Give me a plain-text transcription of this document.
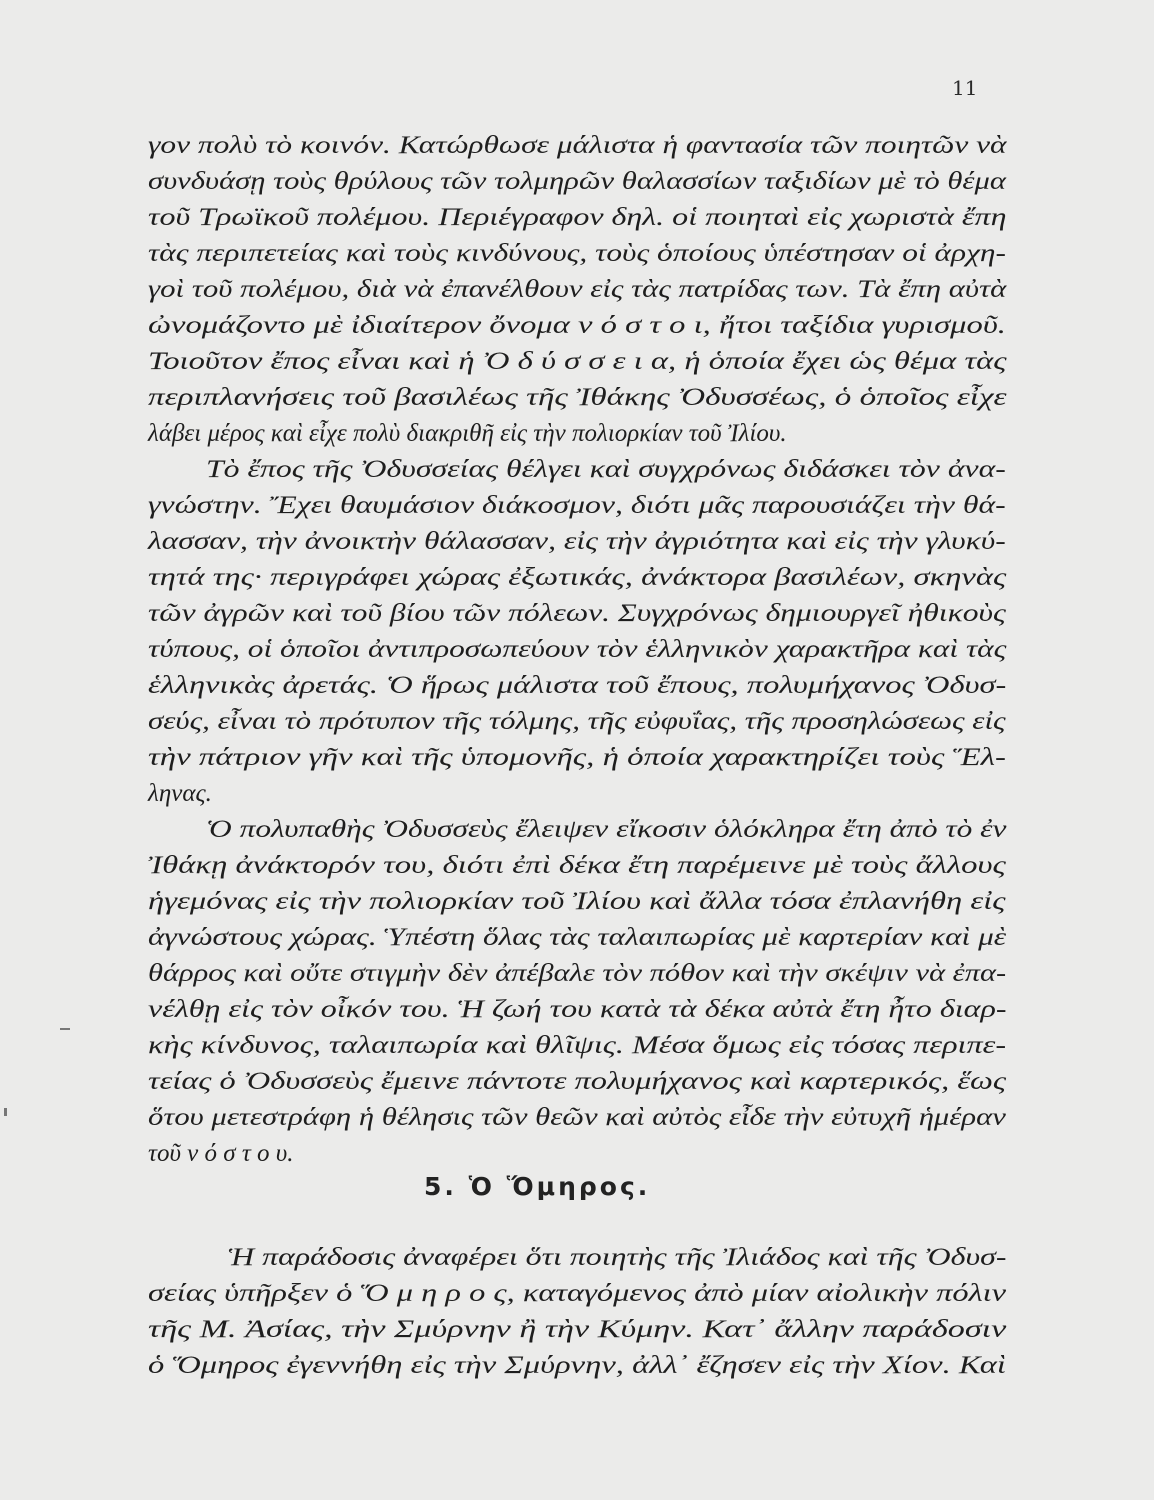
11
γον πολὺ τὸ κοινόν. Κατώρθωσε μάλιστα ἡ φαντασία τῶν ποιητῶν νὰ
συνδυάσῃ τοὺς θρύλους τῶν τολμηρῶν θαλασσίων ταξιδίων μὲ τὸ θέμα
τοῦ Τρωϊκοῦ πολέμου. Περιέγραφον δηλ. οἱ ποιηταὶ εἰς χωριστὰ ἔπη
τὰς περιπετείας καὶ τοὺς κινδύνους, τοὺς ὁποίους ὑπέστησαν οἱ ἀρχη-
γοὶ τοῦ πολέμου, διὰ νὰ ἐπανέλθουν εἰς τὰς πατρίδας των. Τὰ ἔπη αὐτὰ
ὠνομάζοντο μὲ ἰδιαίτερον ὄνομα ν ό σ τ ο ι, ἤτοι ταξίδια γυρισμοῦ.
Τοιοῦτον ἔπος εἶναι καὶ ἡ Ὀ δ ύ σ σ ε ι α, ἡ ὁποία ἔχει ὡς θέμα τὰς
περιπλανήσεις τοῦ βασιλέως τῆς Ἰθάκης Ὀδυσσέως, ὁ ὁποῖος εἶχε
λάβει μέρος καὶ εἶχε πολὺ διακριθῆ εἰς τὴν πολιορκίαν τοῦ Ἰλίου.
Τὸ ἔπος τῆς Ὀδυσσείας θέλγει καὶ συγχρόνως διδάσκει τὸν ἀνα-
γνώστην. Ἔχει θαυμάσιον διάκοσμον, διότι μᾶς παρουσιάζει τὴν θά-
λασσαν, τὴν ἀνοικτὴν θάλασσαν, εἰς τὴν ἀγριότητα καὶ εἰς τὴν γλυκύ-
τητά της· περιγράφει χώρας ἐξωτικάς, ἀνάκτορα βασιλέων, σκηνὰς
τῶν ἀγρῶν καὶ τοῦ βίου τῶν πόλεων. Συγχρόνως δημιουργεῖ ἠθικοὺς
τύπους, οἱ ὁποῖοι ἀντιπροσωπεύουν τὸν ἑλληνικὸν χαρακτῆρα καὶ τὰς
ἑλληνικὰς ἀρετάς. Ὁ ἥρως μάλιστα τοῦ ἔπους, πολυμήχανος Ὀδυσ-
σεύς, εἶναι τὸ πρότυπον τῆς τόλμης, τῆς εὐφυΐας, τῆς προσηλώσεως εἰς
τὴν πάτριον γῆν καὶ τῆς ὑπομονῆς, ἡ ὁποία χαρακτηρίζει τοὺς Ἕλ-
ληνας.
Ὁ πολυπαθὴς Ὀδυσσεὺς ἔλειψεν εἴκοσιν ὁλόκληρα ἔτη ἀπὸ τὸ ἐν
Ἰθάκῃ ἀνάκτορόν του, διότι ἐπὶ δέκα ἔτη παρέμεινε μὲ τοὺς ἄλλους
ἡγεμόνας εἰς τὴν πολιορκίαν τοῦ Ἰλίου καὶ ἄλλα τόσα ἐπλανήθη εἰς
ἀγνώστους χώρας. Ὑπέστη ὅλας τὰς ταλαιπωρίας μὲ καρτερίαν καὶ μὲ
θάρρος καὶ οὔτε στιγμὴν δὲν ἀπέβαλε τὸν πόθον καὶ τὴν σκέψιν νὰ ἐπα-
νέλθῃ εἰς τὸν οἶκόν του. Ἡ ζωή του κατὰ τὰ δέκα αὐτὰ ἔτη ἦτο διαρ-
κὴς κίνδυνος, ταλαιπωρία καὶ θλῖψις. Μέσα ὅμως εἰς τόσας περιπε-
τείας ὁ Ὀδυσσεὺς ἔμεινε πάντοτε πολυμήχανος καὶ καρτερικός, ἕως
ὅτου μετεστράφη ἡ θέλησις τῶν θεῶν καὶ αὐτὸς εἶδε τὴν εὐτυχῆ ἡμέραν
τοῦ ν ό σ τ ο υ.
5. Ὁ Ὅμηρος.
Ἡ παράδοσις ἀναφέρει ὅτι ποιητὴς τῆς Ἰλιάδος καὶ τῆς Ὀδυσ-
σείας ὑπῆρξεν ὁ Ὅ μ η ρ ο ς, καταγόμενος ἀπὸ μίαν αἰολικὴν πόλιν
τῆς Μ. Ἀσίας, τὴν Σμύρνην ἢ τὴν Κύμην. Κατ᾿ ἄλλην παράδοσιν
ὁ Ὅμηρος ἐγεννήθη εἰς τὴν Σμύρνην, ἀλλ᾿ ἔζησεν εἰς τὴν Χίον. Καὶ
